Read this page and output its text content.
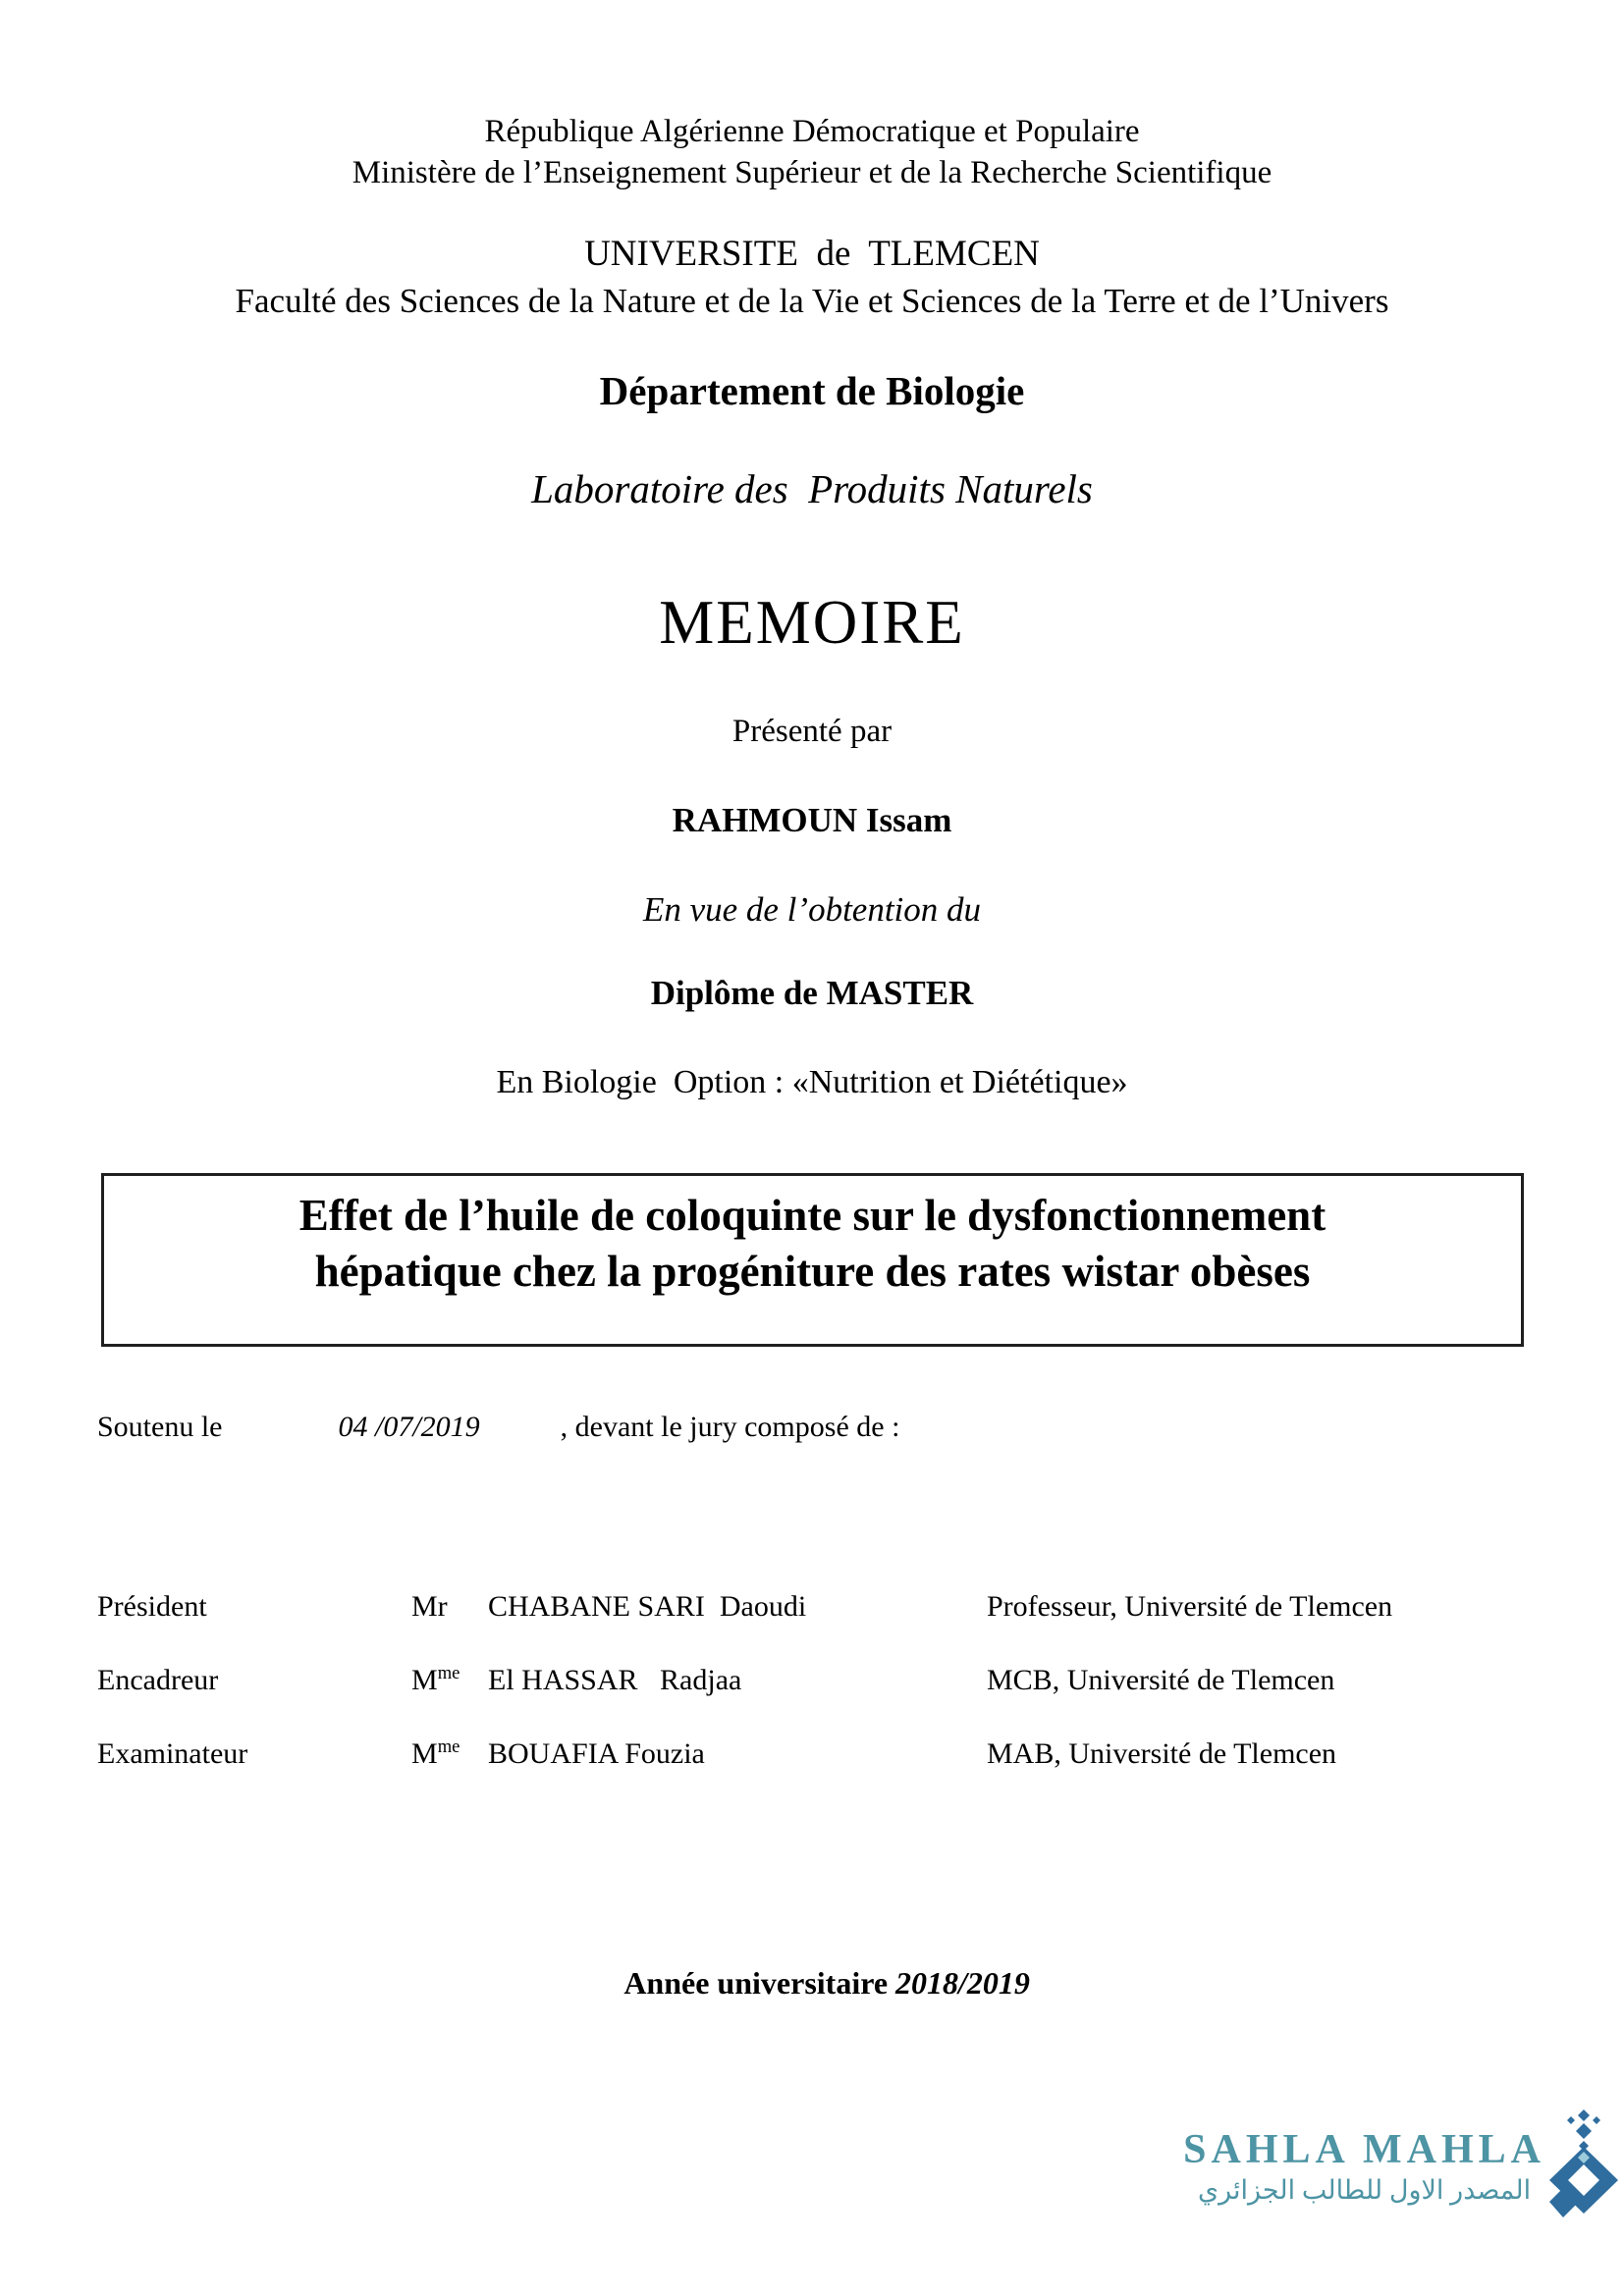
République Algérienne Démocratique et Populaire
Ministère de l’Enseignement Supérieur et de la Recherche Scientifique
UNIVERSITE  de  TLEMCEN
Faculté des Sciences de la Nature et de la Vie et Sciences de la Terre et de l’Univers
Département de Biologie
Laboratoire des  Produits Naturels
MEMOIRE
Présenté par
RAHMOUN Issam
En vue de l’obtention du
Diplôme de MASTER
En Biologie  Option : «Nutrition et Diététique»
Effet de l’huile de coloquinte sur le dysfonctionnement
hépatique chez la progéniture des rates wistar obèses
Soutenu le	04 /07/2019	, devant le jury composé de :
Président	Mr	CHABANE SARI  Daoudi	Professeur, Université de Tlemcen
Encadreur	$M^{me}$ El HASSAR   Radjaa	MCB, Université de Tlemcen
Examinateur	$M^{me}$ BOUAFIA Fouzia	MAB, Université de Tlemcen

Année universitaire 2018/2019

SAHLA MAHLA
المصدر الاول للطالب الجزائري
